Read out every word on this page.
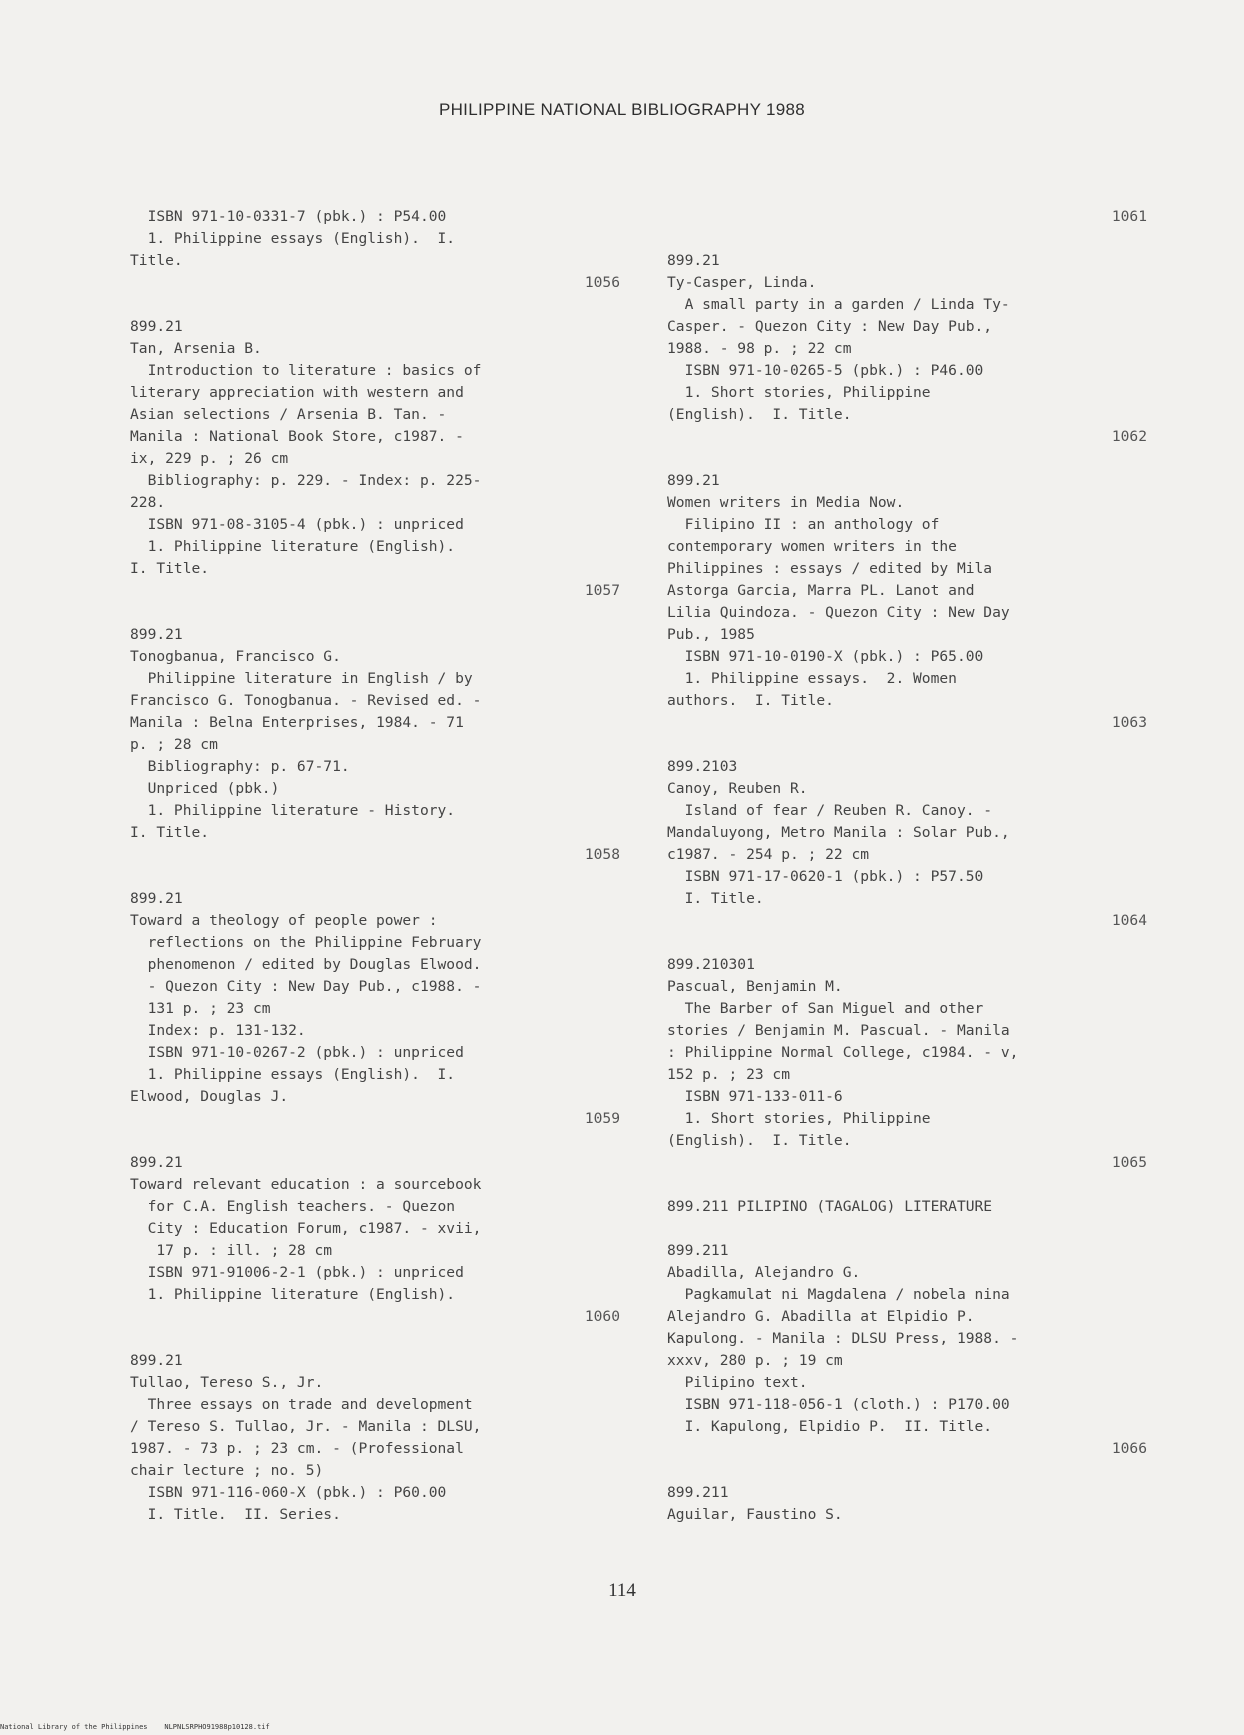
PHILIPPINE NATIONAL BIBLIOGRAPHY 1988
ISBN 971-10-0331-7 (pbk.) : P54.00
1. Philippine essays (English).  I.
Title.
1056
899.21
Tan, Arsenia B.
Introduction to literature : basics of
literary appreciation with western and
Asian selections / Arsenia B. Tan. -
Manila : National Book Store, c1987. -
ix, 229 p. ; 26 cm
Bibliography: p. 229. - Index: p. 225-
228.
ISBN 971-08-3105-4 (pbk.) : unpriced
1. Philippine literature (English).
I. Title.
1057
899.21
Tonogbanua, Francisco G.
Philippine literature in English / by
Francisco G. Tonogbanua. - Revised ed. -
Manila : Belna Enterprises, 1984. - 71
p. ; 28 cm
Bibliography: p. 67-71.
Unpriced (pbk.)
1. Philippine literature - History.
I. Title.
1058
899.21
Toward a theology of people power :
reflections on the Philippine February
phenomenon / edited by Douglas Elwood.
- Quezon City : New Day Pub., c1988. -
131 p. ; 23 cm
Index: p. 131-132.
ISBN 971-10-0267-2 (pbk.) : unpriced
1. Philippine essays (English).  I.
Elwood, Douglas J.
1059
899.21
Toward relevant education : a sourcebook
for C.A. English teachers. - Quezon
City : Education Forum, c1987. - xvii,
17 p. : ill. ; 28 cm
ISBN 971-91006-2-1 (pbk.) : unpriced
1. Philippine literature (English).
1060
899.21
Tullao, Tereso S., Jr.
Three essays on trade and development
/ Tereso S. Tullao, Jr. - Manila : DLSU,
1987. - 73 p. ; 23 cm. - (Professional
chair lecture ; no. 5)
ISBN 971-116-060-X (pbk.) : P60.00
I. Title.  II. Series.
1061
899.21
Ty-Casper, Linda.
A small party in a garden / Linda Ty-
Casper. - Quezon City : New Day Pub.,
1988. - 98 p. ; 22 cm
ISBN 971-10-0265-5 (pbk.) : P46.00
1. Short stories, Philippine
(English).  I. Title.
1062
899.21
Women writers in Media Now.
Filipino II : an anthology of
contemporary women writers in the
Philippines : essays / edited by Mila
Astorga Garcia, Marra PL. Lanot and
Lilia Quindoza. - Quezon City : New Day
Pub., 1985
ISBN 971-10-0190-X (pbk.) : P65.00
1. Philippine essays.  2. Women
authors.  I. Title.
1063
899.2103
Canoy, Reuben R.
Island of fear / Reuben R. Canoy. -
Mandaluyong, Metro Manila : Solar Pub.,
c1987. - 254 p. ; 22 cm
ISBN 971-17-0620-1 (pbk.) : P57.50
I. Title.
1064
899.210301
Pascual, Benjamin M.
The Barber of San Miguel and other
stories / Benjamin M. Pascual. - Manila
: Philippine Normal College, c1984. - v,
152 p. ; 23 cm
ISBN 971-133-011-6
1. Short stories, Philippine
(English).  I. Title.
1065
899.211 PILIPINO (TAGALOG) LITERATURE
899.211
Abadilla, Alejandro G.
Pagkamulat ni Magdalena / nobela nina
Alejandro G. Abadilla at Elpidio P.
Kapulong. - Manila : DLSU Press, 1988. -
xxxv, 280 p. ; 19 cm
Pilipino text.
ISBN 971-118-056-1 (cloth.) : P170.00
I. Kapulong, Elpidio P.  II. Title.
1066
899.211
Aguilar, Faustino S.
114
National Library of the Philippines    NLPNLSRPHO91988p10128.tif
